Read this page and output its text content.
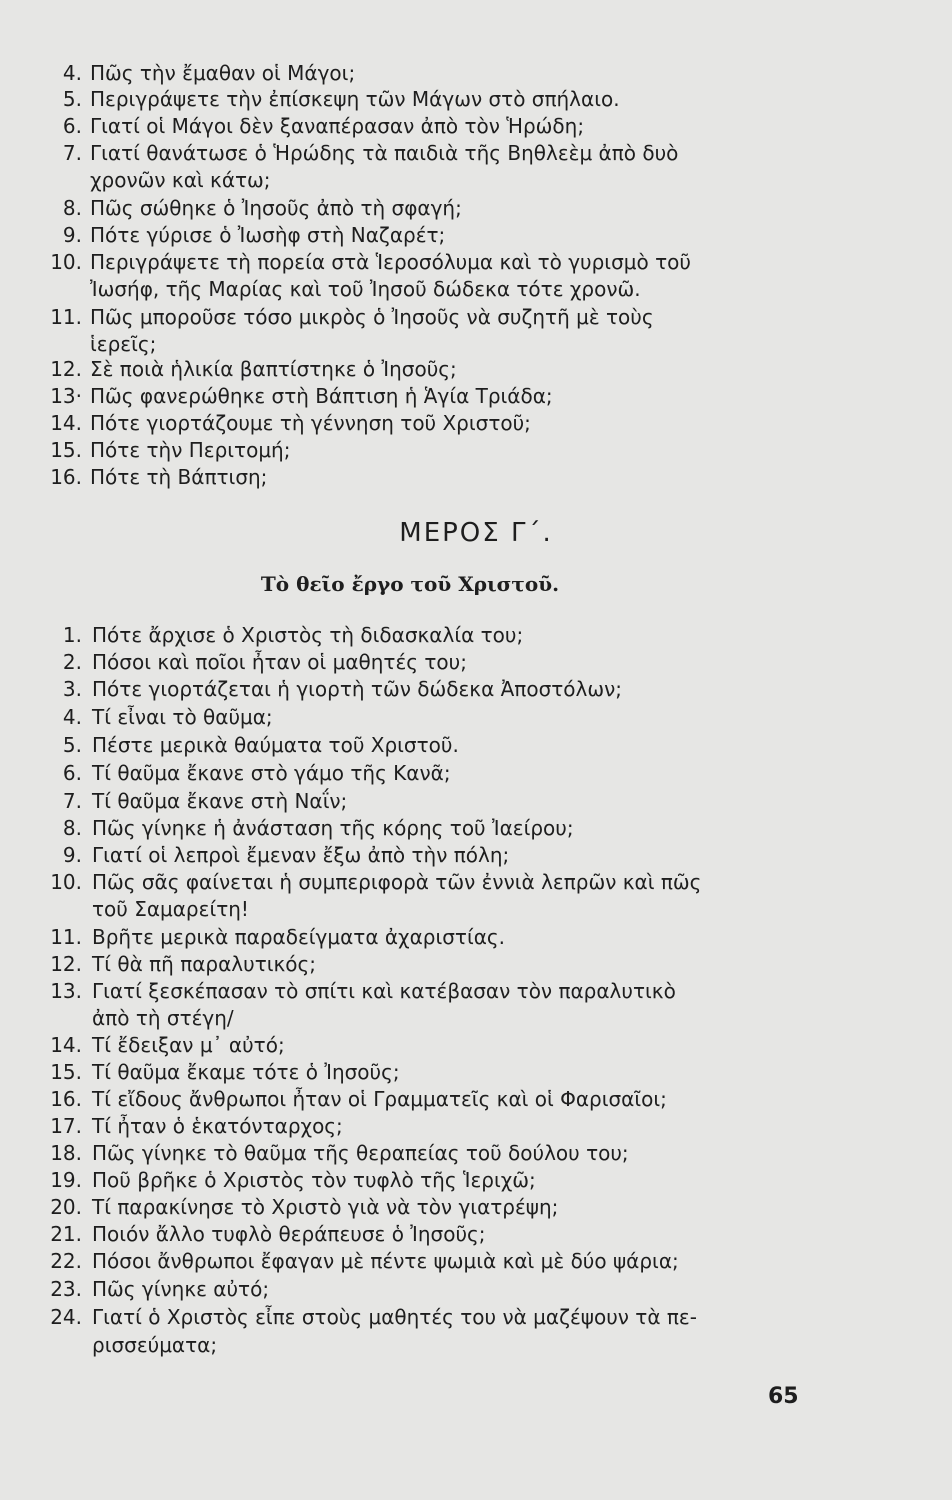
4. Πῶς τὴν ἔμαθαν οἱ Μάγοι;
5. Περιγράψετε τὴν ἐπίσκεψη τῶν Μάγων στὸ σπήλαιο.
6. Γιατί οἱ Μάγοι δὲν ξαναπέρασαν ἀπὸ τὸν Ἡρώδη;
7. Γιατί θανάτωσε ὁ Ἡρώδης τὰ παιδιὰ τῆς Βηθλεὲμ ἀπὸ δυὸ
χρονῶν καὶ κάτω;
8. Πῶς σώθηκε ὁ Ἰησοῦς ἀπὸ τὴ σφαγή;
9. Πότε γύρισε ὁ Ἰωσὴφ στὴ Ναζαρέτ;
10. Περιγράψετε τὴ πορεία στὰ Ἱεροσόλυμα καὶ τὸ γυρισμὸ τοῦ
Ἰωσήφ, τῆς Μαρίας καὶ τοῦ Ἰησοῦ δώδεκα τότε χρονῶ.
11. Πῶς μποροῦσε τόσο μικρὸς ὁ Ἰησοῦς νὰ συζητῆ μὲ τοὺς
ἱερεῖς;
12. Σὲ ποιὰ ἡλικία βαπτίστηκε ὁ Ἰησοῦς;
13· Πῶς φανερώθηκε στὴ Βάπτιση ἡ Ἁγία Τριάδα;
14. Πότε γιορτάζουμε τὴ γέννηση τοῦ Χριστοῦ;
15. Πότε τὴν Περιτομή;
16. Πότε τὴ Βάπτιση;
ΜΕΡΟΣ Γ΄.
Τὸ θεῖο ἔργο τοῦ Χριστοῦ.
1. Πότε ἄρχισε ὁ Χριστὸς τὴ διδασκαλία του;
2. Πόσοι καὶ ποῖοι ἦταν οἱ μαθητές του;
3. Πότε γιορτάζεται ἡ γιορτὴ τῶν δώδεκα Ἀποστόλων;
4. Τί εἶναι τὸ θαῦμα;
5. Πέστε μερικὰ θαύματα τοῦ Χριστοῦ.
6. Τί θαῦμα ἔκανε στὸ γάμο τῆς Κανᾶ;
7. Τί θαῦμα ἔκανε στὴ Ναΐν;
8. Πῶς γίνηκε ἡ ἀνάσταση τῆς κόρης τοῦ Ἰαείρου;
9. Γιατί οἱ λεπροὶ ἔμεναν ἔξω ἀπὸ τὴν πόλη;
10. Πῶς σᾶς φαίνεται ἡ συμπεριφορὰ τῶν ἐννιὰ λεπρῶν καὶ πῶς
τοῦ Σαμαρείτη!
11. Βρῆτε μερικὰ παραδείγματα ἀχαριστίας.
12. Τί θὰ πῆ παραλυτικός;
13. Γιατί ξεσκέπασαν τὸ σπίτι καὶ κατέβασαν τὸν παραλυτικὸ
ἀπὸ τὴ στέγη/
14. Τί ἔδειξαν μ᾽ αὐτό;
15. Τί θαῦμα ἔκαμε τότε ὁ Ἰησοῦς;
16. Τί εἴδους ἄνθρωποι ἦταν οἱ Γραμματεῖς καὶ οἱ Φαρισαῖοι;
17. Τί ἦταν ὁ ἑκατόνταρχος;
18. Πῶς γίνηκε τὸ θαῦμα τῆς θεραπείας τοῦ δούλου του;
19. Ποῦ βρῆκε ὁ Χριστὸς τὸν τυφλὸ τῆς Ἱεριχῶ;
20. Τί παρακίνησε τὸ Χριστὸ γιὰ νὰ τὸν γιατρέψη;
21. Ποιόν ἄλλο τυφλὸ θεράπευσε ὁ Ἰησοῦς;
22. Πόσοι ἄνθρωποι ἔφαγαν μὲ πέντε ψωμιὰ καὶ μὲ δύο ψάρια;
23. Πῶς γίνηκε αὐτό;
24. Γιατί ὁ Χριστὸς εἶπε στοὺς μαθητές του νὰ μαζέψουν τὰ πε-
ρισσεύματα;
65
